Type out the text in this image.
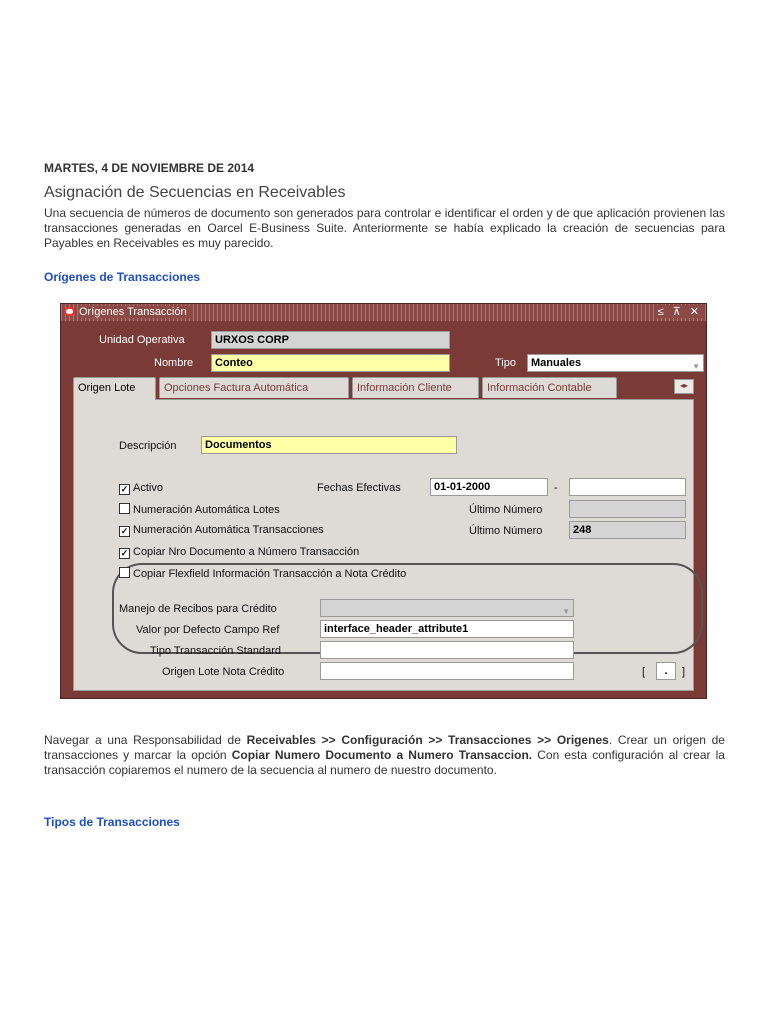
MARTES, 4 DE NOVIEMBRE DE 2014
Asignación de Secuencias en Receivables
Una secuencia de números de documento son generados para controlar e identificar el orden y de que aplicación provienen las transacciones generadas en Oarcel E-Business Suite. Anteriormente se había explicado la creación de secuencias para Payables en Receivables es muy parecido.
Orígenes de Transacciones
Orígenes Transacción	≤ ⊼ ✕
Unidad Operativa	URXOS CORP
Nombre	Conteo	Tipo	Manuales	▼
Origen Lote	Opciones Factura Automática	Información Cliente	Información Contable	◂▸
Descripción	Documentos
✓ Activo	Fechas Efectivas	01-01-2000	-
Numeración Automática Lotes	Último Número
✓ Numeración Automática Transacciones	Último Número	248
✓ Copiar Nro Documento a Número Transacción
Copiar Flexfield Información Transacción a Nota Crédito
Manejo de Recibos para Crédito	▼
Valor por Defecto Campo Ref	interface_header_attribute1
Tipo Transacción Standard
Origen Lote Nota Crédito	[	.	]
Navegar a una Responsabilidad de Receivables >> Configuración >> Transacciones >> Origenes. Crear un origen de transacciones y marcar la opción Copiar Numero Documento a Numero Transaccion. Con esta configuración al crear la transacción copiaremos el numero de la secuencia al numero de nuestro documento.
Tipos de Transacciones
